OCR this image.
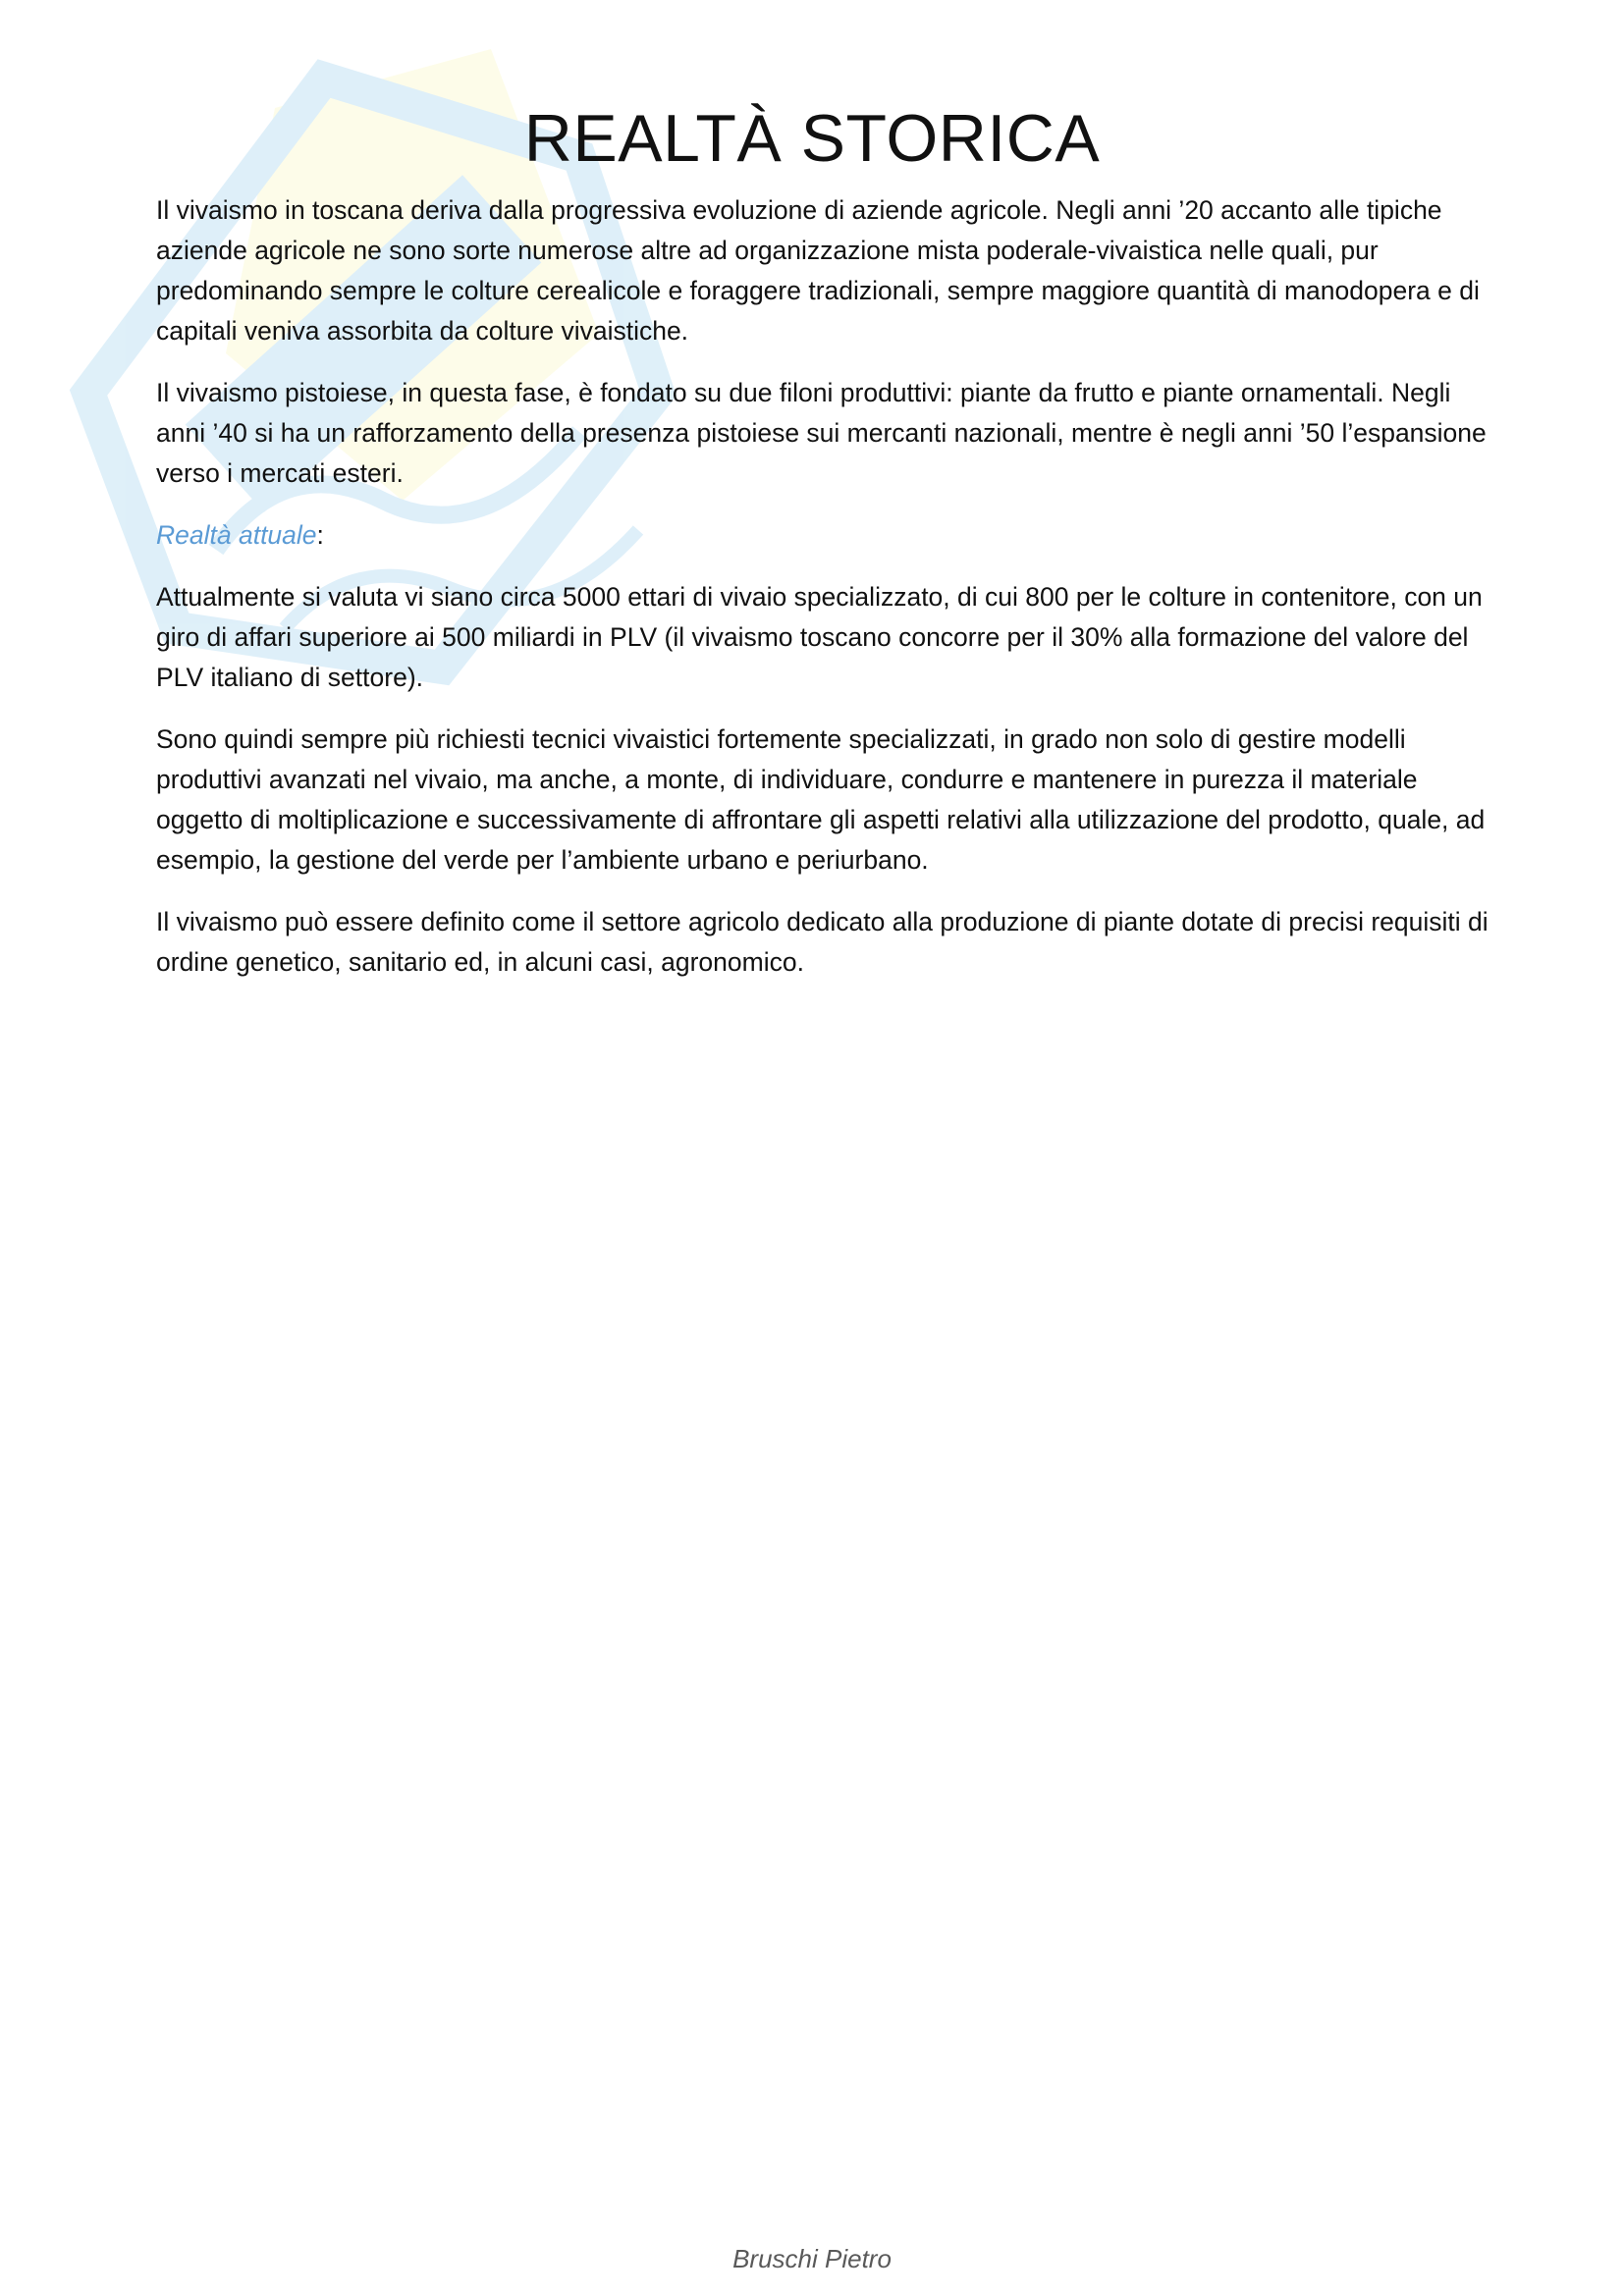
REALTÀ STORICA

Il vivaismo in toscana deriva dalla progressiva evoluzione di aziende agricole. Negli anni ’20 accanto alle tipiche aziende agricole ne sono sorte numerose altre ad organizzazione mista poderale-vivaistica nelle quali, pur predominando sempre le colture cerealicole e foraggere tradizionali, sempre maggiore quantità di manodopera e di capitali veniva assorbita da colture vivaistiche.

Il vivaismo pistoiese, in questa fase, è fondato su due filoni produttivi: piante da frutto e piante ornamentali. Negli anni ’40 si ha un rafforzamento della presenza pistoiese sui mercanti nazionali, mentre è negli anni ’50 l’espansione verso i mercati esteri.

Realtà attuale:

Attualmente si valuta vi siano circa 5000 ettari di vivaio specializzato, di cui 800 per le colture in contenitore, con un giro di affari superiore ai 500 miliardi in PLV (il vivaismo toscano concorre per il 30% alla formazione del valore del PLV italiano di settore).

Sono quindi sempre più richiesti tecnici vivaistici fortemente specializzati, in grado non solo di gestire modelli produttivi avanzati nel vivaio, ma anche, a monte, di individuare, condurre e mantenere in purezza il materiale oggetto di moltiplicazione e successivamente di affrontare gli aspetti relativi alla utilizzazione del prodotto, quale, ad esempio, la gestione del verde per l’ambiente urbano e periurbano.

Il vivaismo può essere definito come il settore agricolo dedicato alla produzione di piante dotate di precisi requisiti di ordine genetico, sanitario ed, in alcuni casi, agronomico.

Bruschi Pietro
